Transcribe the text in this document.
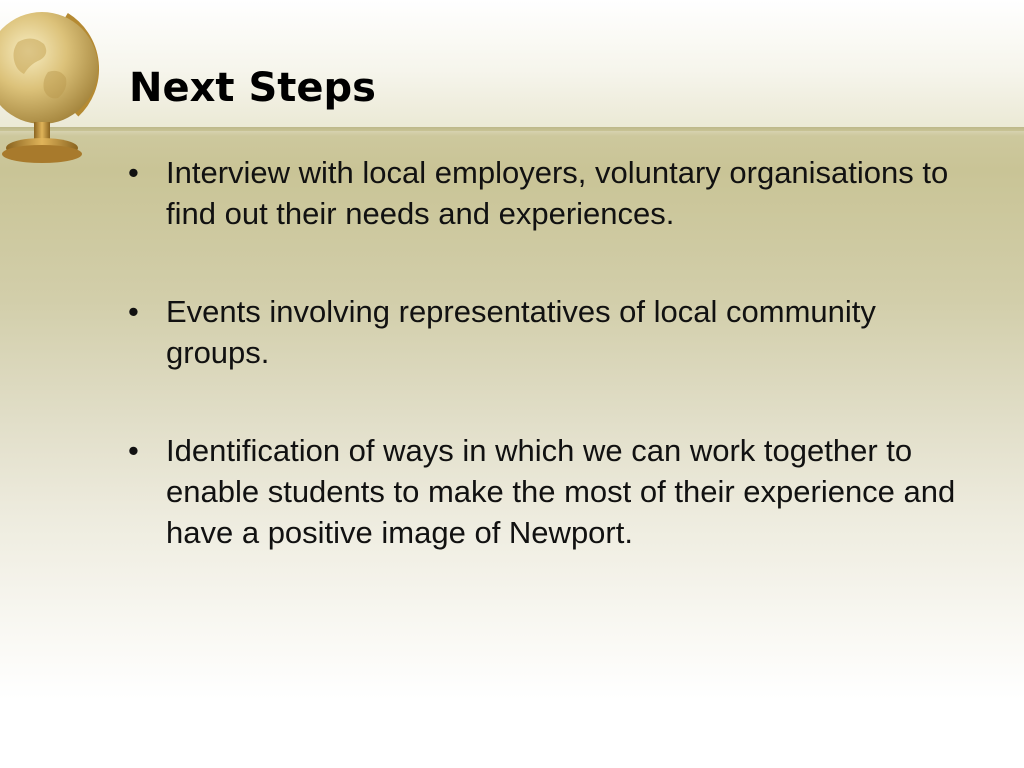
Next Steps
• Interview with local employers, voluntary organisations to find out their needs and experiences.
• Events involving representatives of local community groups.
• Identification of ways in which we can work together to enable students to make the most of their experience and have a positive image of Newport.
